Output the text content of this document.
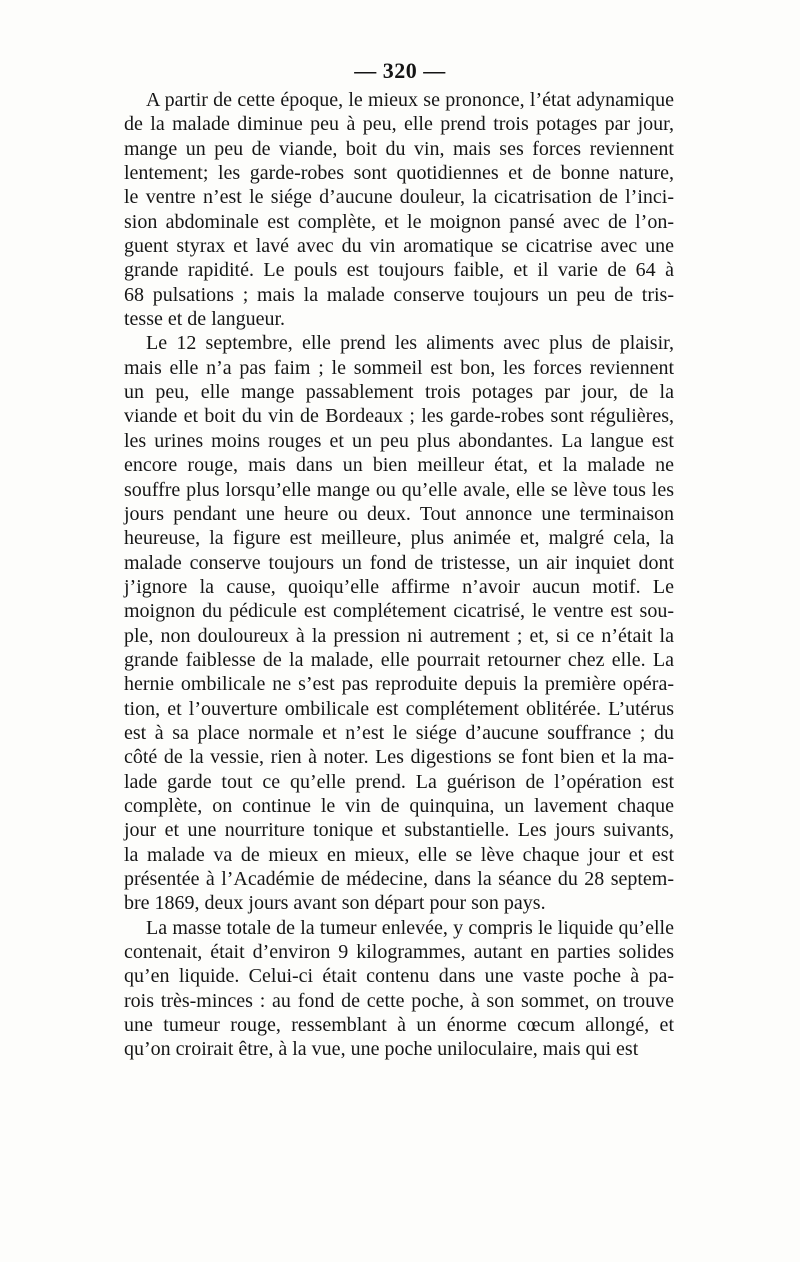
— 320 —
A partir de cette époque, le mieux se prononce, l’état adynamique
de la malade diminue peu à peu, elle prend trois potages par jour,
mange un peu de viande, boit du vin, mais ses forces reviennent
lentement; les garde-robes sont quotidiennes et de bonne nature,
le ventre n’est le siége d’aucune douleur, la cicatrisation de l’inci-
sion abdominale est complète, et le moignon pansé avec de l’on-
guent styrax et lavé avec du vin aromatique se cicatrise avec une
grande rapidité. Le pouls est toujours faible, et il varie de 64 à
68 pulsations ; mais la malade conserve toujours un peu de tris-
tesse et de langueur.
Le 12 septembre, elle prend les aliments avec plus de plaisir,
mais elle n’a pas faim ; le sommeil est bon, les forces reviennent
un peu, elle mange passablement trois potages par jour, de la
viande et boit du vin de Bordeaux ; les garde-robes sont régulières,
les urines moins rouges et un peu plus abondantes. La langue est
encore rouge, mais dans un bien meilleur état, et la malade ne
souffre plus lorsqu’elle mange ou qu’elle avale, elle se lève tous les
jours pendant une heure ou deux. Tout annonce une terminaison
heureuse, la figure est meilleure, plus animée et, malgré cela, la
malade conserve toujours un fond de tristesse, un air inquiet dont
j’ignore la cause, quoiqu’elle affirme n’avoir aucun motif. Le
moignon du pédicule est complétement cicatrisé, le ventre est sou-
ple, non douloureux à la pression ni autrement ; et, si ce n’était la
grande faiblesse de la malade, elle pourrait retourner chez elle. La
hernie ombilicale ne s’est pas reproduite depuis la première opéra-
tion, et l’ouverture ombilicale est complétement oblitérée. L’utérus
est à sa place normale et n’est le siége d’aucune souffrance ; du
côté de la vessie, rien à noter. Les digestions se font bien et la ma-
lade garde tout ce qu’elle prend. La guérison de l’opération est
complète, on continue le vin de quinquina, un lavement chaque
jour et une nourriture tonique et substantielle. Les jours suivants,
la malade va de mieux en mieux, elle se lève chaque jour et est
présentée à l’Académie de médecine, dans la séance du 28 septem-
bre 1869, deux jours avant son départ pour son pays.
La masse totale de la tumeur enlevée, y compris le liquide qu’elle
contenait, était d’environ 9 kilogrammes, autant en parties solides
qu’en liquide. Celui-ci était contenu dans une vaste poche à pa-
rois très-minces : au fond de cette poche, à son sommet, on trouve
une tumeur rouge, ressemblant à un énorme cœcum allongé, et
qu’on croirait être, à la vue, une poche uniloculaire, mais qui est
